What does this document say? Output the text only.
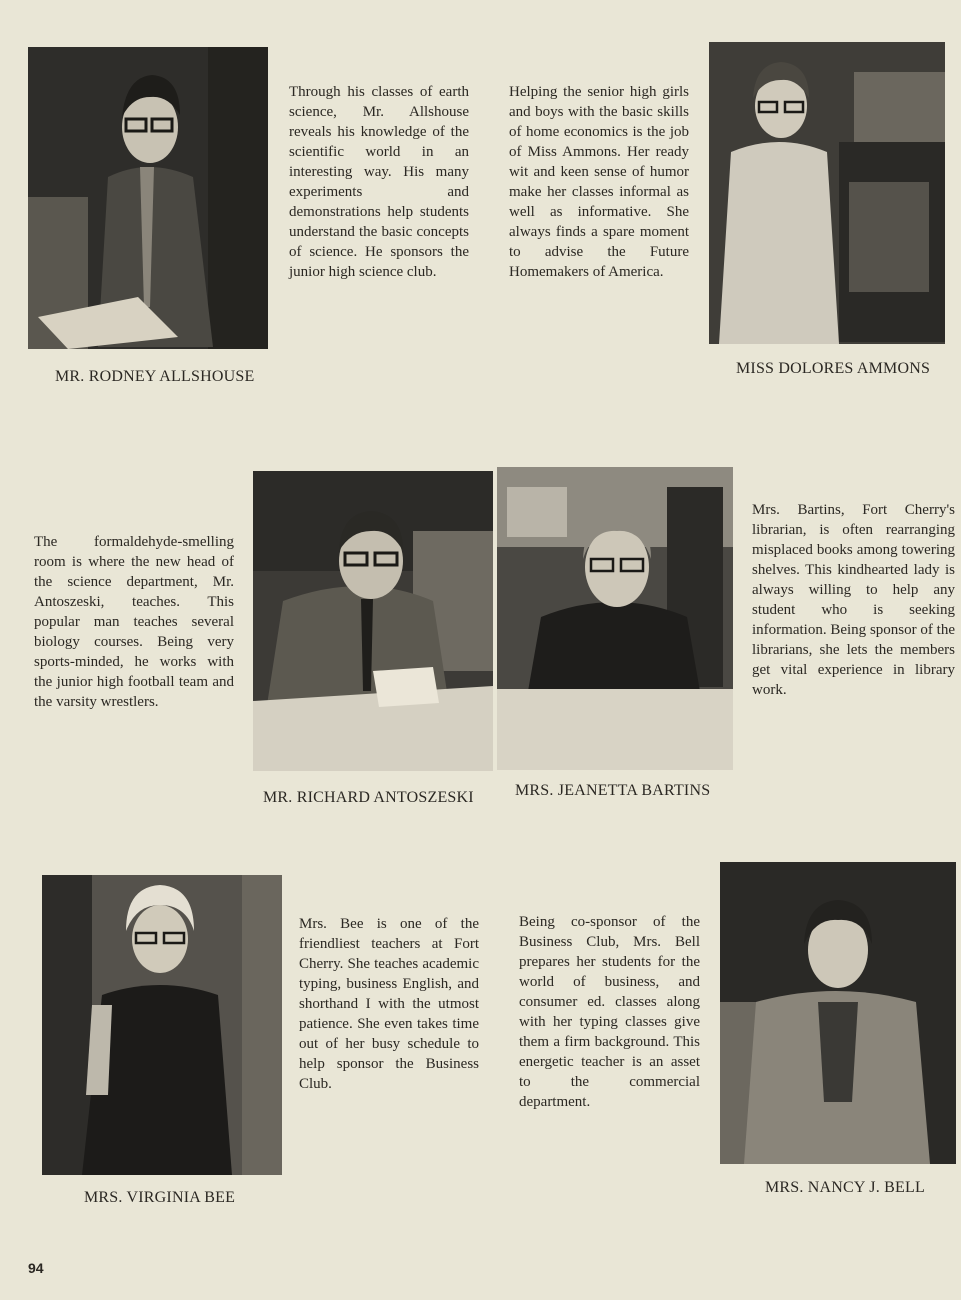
MR. RODNEY ALLSHOUSE
Through his classes of earth science, Mr. Allshouse reveals his knowledge of the scientific world in an interesting way. His many experiments and demonstrations help students understand the basic concepts of science. He sponsors the junior high science club.
Helping the senior high girls and boys with the basic skills of home economics is the job of Miss Ammons. Her ready wit and keen sense of humor make her classes informal as well as informative. She always finds a spare moment to advise the Future Homemakers of America.
MISS DOLORES AMMONS
The formaldehyde-smelling room is where the new head of the science department, Mr. Antoszeski, teaches. This popular man teaches several biology courses. Being very sports-minded, he works with the junior high football team and the varsity wrestlers.
MR. RICHARD ANTOSZESKI	MRS. JEANETTA BARTINS
Mrs. Bartins, Fort Cherry's librarian, is often rearranging misplaced books among towering shelves. This kindhearted lady is always willing to help any student who is seeking information. Being sponsor of the librarians, she lets the members get vital experience in library work.
MRS. VIRGINIA BEE
Mrs. Bee is one of the friendliest teachers at Fort Cherry. She teaches academic typing, business English, and shorthand I with the utmost patience. She even takes time out of her busy schedule to help sponsor the Business Club.
Being co-sponsor of the Business Club, Mrs. Bell prepares her students for the world of business, and consumer ed. classes along with her typing classes give them a firm background. This energetic teacher is an asset to the commercial department.
MRS. NANCY J. BELL
94
